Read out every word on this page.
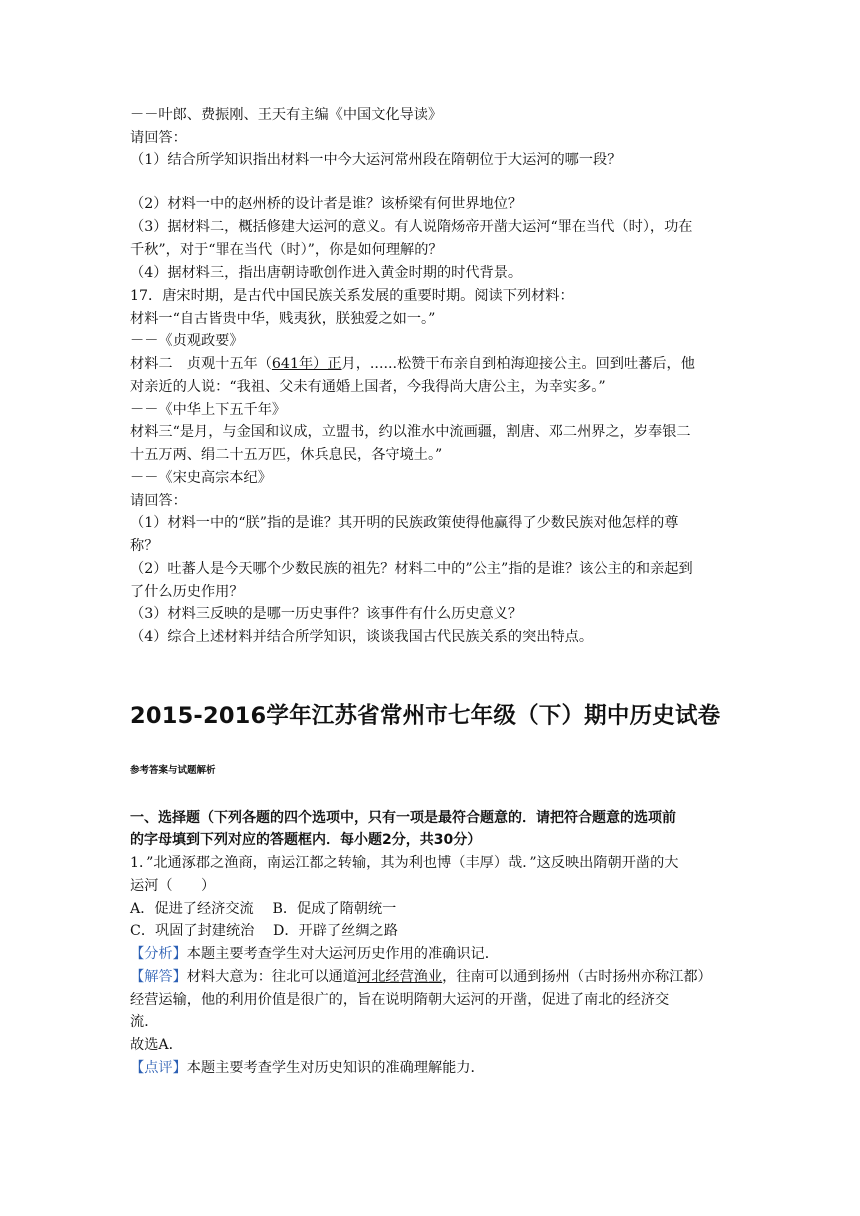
－－叶郎、费振刚、王天有主编《中国文化导读》
请回答：
（1）结合所学知识指出材料一中今大运河常州段在隋朝位于大运河的哪一段？
（2）材料一中的赵州桥的设计者是谁？该桥梁有何世界地位？
（3）据材料二，概括修建大运河的意义。有人说隋炀帝开凿大运河“罪在当代（时），功在
千秋”，对于“罪在当代（时）”，你是如何理解的？
（4）据材料三，指出唐朝诗歌创作进入黄金时期的时代背景。
17．唐宋时期，是古代中国民族关系发展的重要时期。阅读下列材料：
材料一“自古皆贵中华，贱夷狄，朕独爱之如一。”
－－《贞观政要》
材料二　贞观十五年（641年）正月，......松赞干布亲自到柏海迎接公主。回到吐蕃后，他
对亲近的人说：“我祖、父未有通婚上国者，今我得尚大唐公主，为幸实多。”
－－《中华上下五千年》
材料三“是月，与金国和议成，立盟书，约以淮水中流画疆，割唐、邓二州界之，岁奉银二
十五万两、绢二十五万匹，休兵息民，各守境土。”
－－《宋史高宗本纪》
请回答：
（1）材料一中的“朕”指的是谁？其开明的民族政策使得他赢得了少数民族对他怎样的尊
称？
（2）吐蕃人是今天哪个少数民族的祖先？材料二中的”公主”指的是谁？该公主的和亲起到
了什么历史作用？
（3）材料三反映的是哪一历史事件？该事件有什么历史意义？
（4）综合上述材料并结合所学知识，谈谈我国古代民族关系的突出特点。
2015-2016学年江苏省常州市七年级（下）期中历史试卷
参考答案与试题解析
一、选择题（下列各题的四个选项中，只有一项是最符合题意的．请把符合题意的选项前
的字母填到下列对应的答题框内．每小题2分，共30分）
1．”北通涿郡之渔商，南运江都之转输，其为利也博（丰厚）哉．”这反映出隋朝开凿的大
运河（　　）
A．促进了经济交流　 B．促成了隋朝统一
C．巩固了封建统治　 D．开辟了丝绸之路
【分析】本题主要考查学生对大运河历史作用的准确识记．
【解答】材料大意为：往北可以通道河北经营渔业，往南可以通到扬州（古时扬州亦称江都）
经营运输，他的利用价值是很广的，旨在说明隋朝大运河的开凿，促进了南北的经济交
流．
故选A．
【点评】本题主要考查学生对历史知识的准确理解能力．
